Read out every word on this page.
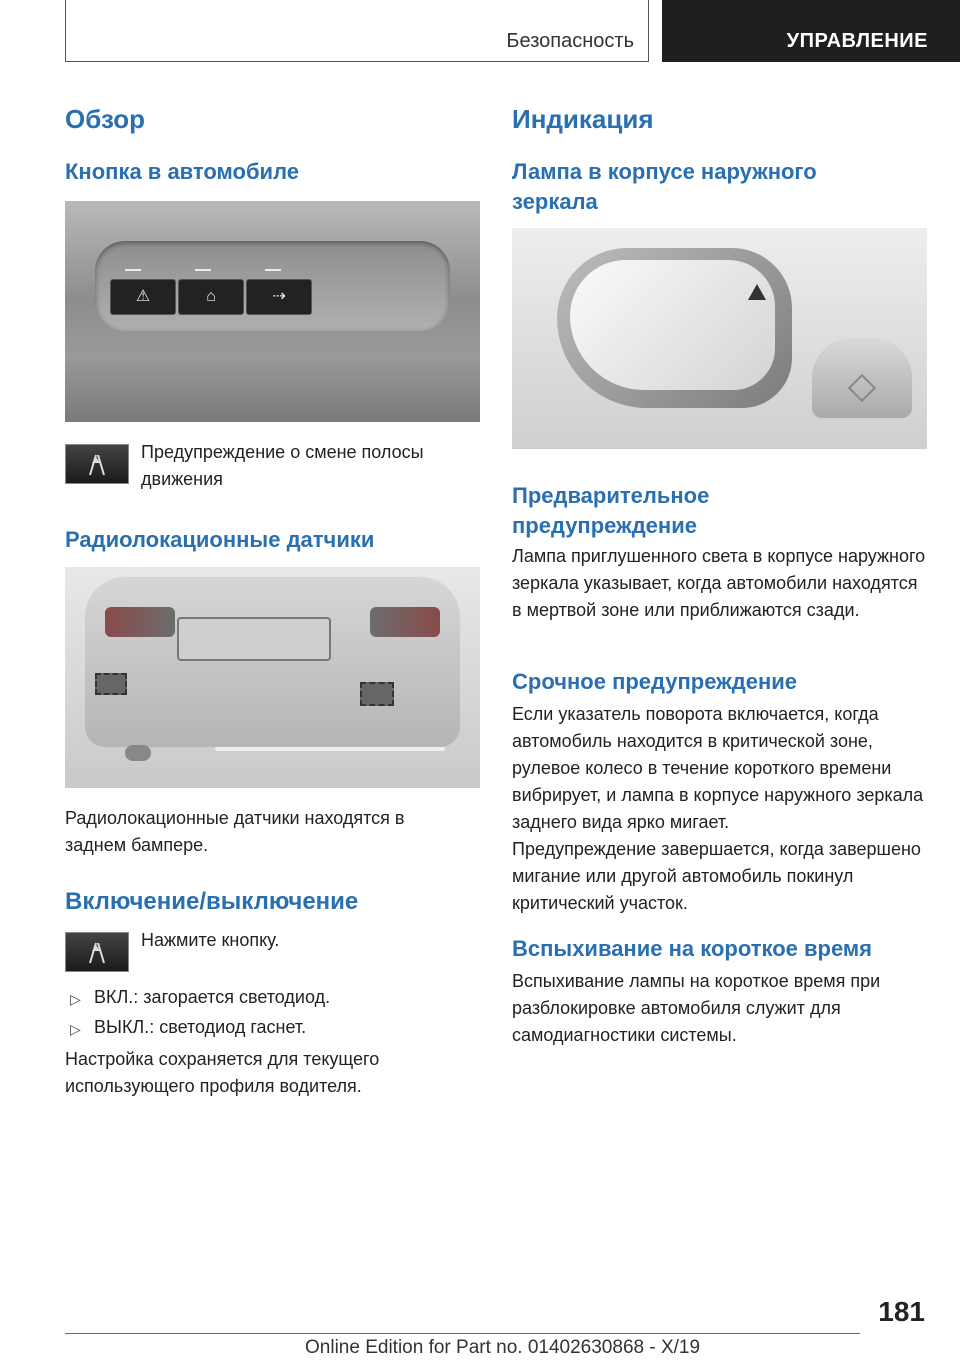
Безопасность	УПРАВЛЕНИЕ
Обзор
Кнопка в автомобиле
⚠	⌂	⇢
Предупреждение о смене полосы движения
Радиолокационные датчики
Радиолокационные датчики находятся в заднем бампере.
Включение/выключение
Нажмите кнопку.
▷ ВКЛ.: загорается светодиод.
▷ ВЫКЛ.: светодиод гаснет.
Настройка сохраняется для текущего использующего профиля водителя.
Индикация
Лампа в корпусе наружного зеркала
Предварительное предупреждение
Лампа приглушенного света в корпусе наружного зеркала указывает, когда автомобили находятся в мертвой зоне или приближаются сзади.
Срочное предупреждение
Если указатель поворота включается, когда автомобиль находится в критической зоне, рулевое колесо в течение короткого времени вибрирует, и лампа в корпусе наружного зеркала заднего вида ярко мигает.
Предупреждение завершается, когда завершено мигание или другой автомобиль покинул критический участок.
Вспыхивание на короткое время
Вспыхивание лампы на короткое время при разблокировке автомобиля служит для самодиагностики системы.
181
Online Edition for Part no. 01402630868 - X/19
